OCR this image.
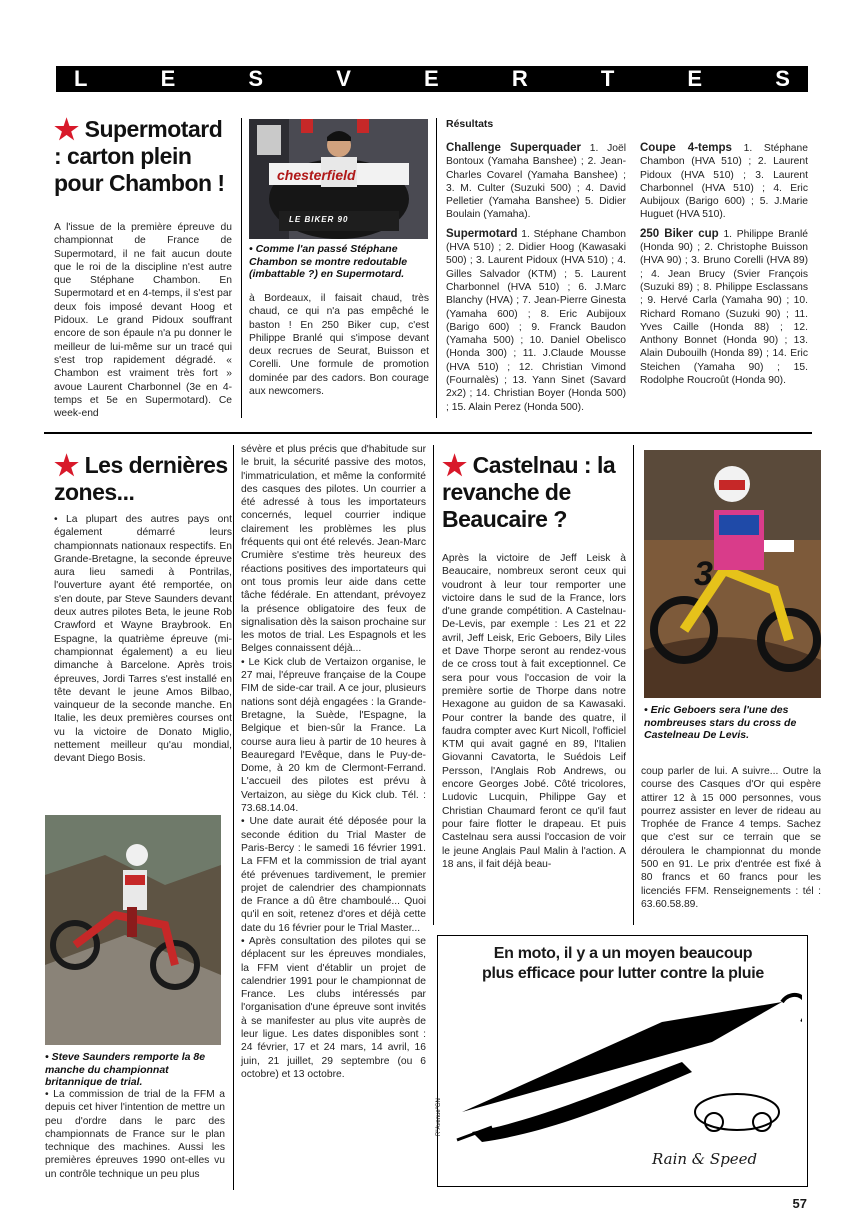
L	E	S	V	E	R	T	E	S
★ Supermotard : carton plein pour Chambon !
A l'issue de la première épreuve du championnat de France de Supermotard, il ne fait aucun doute que le roi de la discipline n'est autre que Stéphane Chambon. En Supermotard et en 4-temps, il s'est par deux fois imposé devant Hoog et Pidoux. Le grand Pidoux souffrant encore de son épaule n'a pu donner le meilleur de lui-même sur un tracé qui s'est trop rapidement dégradé. « Chambon est vraiment très fort » avoue Laurent Charbonnel (3e en 4-temps et 5e en Supermotard). Ce week-end
chesterfield
LE BIKER 90
• Comme l'an passé Stéphane Chambon se montre redoutable (imbattable ?) en Supermotard.
à Bordeaux, il faisait chaud, très chaud, ce qui n'a pas empêché le baston ! En 250 Biker cup, c'est Philippe Branlé qui s'impose devant deux recrues de Seurat, Buisson et Corelli. Une formule de promotion dominée par des cadors. Bon courage aux newcomers.
Résultats

Challenge Superquader 1. Joël Bontoux (Yamaha Banshee) ; 2. Jean-Charles Covarel (Yamaha Banshee) ; 3. M. Culter (Suzuki 500) ; 4. David Pelletier (Yamaha Banshee) 5. Didier Boulain (Yamaha).

Supermotard 1. Stéphane Chambon (HVA 510) ; 2. Didier Hoog (Kawasaki 500) ; 3. Laurent Pidoux (HVA 510) ; 4. Gilles Salvador (KTM) ; 5. Laurent Charbonnel (HVA 510) ; 6. J.Marc Blanchy (HVA) ; 7. Jean-Pierre Ginesta (Yamaha 600) ; 8. Eric Aubijoux (Barigo 600) ; 9. Franck Baudon (Yamaha 500) ; 10. Daniel Obelisco (Honda 300) ; 11. J.Claude Mousse (HVA 510) ; 12. Christian Vimond (Fournalès) ; 13. Yann Sinet (Savard 2x2) ; 14. Christian Boyer (Honda 500) ; 15. Alain Perez (Honda 500).

Coupe 4-temps 1. Stéphane Chambon (HVA 510) ; 2. Laurent Pidoux (HVA 510) ; 3. Laurent Charbonnel (HVA 510) ; 4. Eric Aubijoux (Barigo 600) ; 5. J.Marie Huguet (HVA 510).

250 Biker cup 1. Philippe Branlé (Honda 90) ; 2. Christophe Buisson (HVA 90) ; 3. Bruno Corelli (HVA 89) ; 4. Jean Brucy (Svier François (Suzuki 89) ; 8. Philippe Esclassans ; 9. Hervé Carla (Yamaha 90) ; 10. Richard Romano (Suzuki 90) ; 11. Yves Caille (Honda 88) ; 12. Anthony Bonnet (Honda 90) ; 13. Alain Dubouilh (Honda 89) ; 14. Eric Steichen (Yamaha 90) ; 15. Rodolphe Roucroût (Honda 90).

★ Les dernières zones...
• La plupart des autres pays ont également démarré leurs championnats nationaux respectifs. En Grande-Bretagne, la seconde épreuve aura lieu samedi à Pontrilas, l'ouverture ayant été remportée, on s'en doute, par Steve Saunders devant deux autres pilotes Beta, le jeune Rob Crawford et Wayne Braybrook. En Espagne, la quatrième épreuve (mi-championnat également) a eu lieu dimanche à Barcelone. Après trois épreuves, Jordi Tarres s'est installé en tête devant le jeune Amos Bilbao, vainqueur de la seconde manche. En Italie, les deux premières courses ont vu la victoire de Donato Miglio, nettement meilleur qu'au mondial, devant Diego Bosis.
• Steve Saunders remporte la 8e manche du championnat britannique de trial.
• La commission de trial de la FFM a depuis cet hiver l'intention de mettre un peu d'ordre dans le parc des championnats de France sur le plan technique des machines. Aussi les premières épreuves 1990 ont-elles vu un contrôle technique un peu plus

sévère et plus précis que d'habitude sur le bruit, la sécurité passive des motos, l'immatriculation, et même la conformité des casques des pilotes. Un courrier a été adressé à tous les importateurs concernés, lequel courrier indique clairement les problèmes les plus fréquents qui ont été relevés. Jean-Marc Crumière s'estime très heureux des réactions positives des importateurs qui ont tous promis leur aide dans cette tâche fédérale. En attendant, prévoyez la présence obligatoire des feux de signalisation dès la saison prochaine sur les motos de trial. Les Espagnols et les Belges connaissent déjà...

• Le Kick club de Vertaizon organise, le 27 mai, l'épreuve française de la Coupe FIM de side-car trail. A ce jour, plusieurs nations sont déjà engagées : la Grande-Bretagne, la Suède, l'Espagne, la Belgique et bien-sûr la France. La course aura lieu à partir de 10 heures à Beauregard l'Evêque, dans le Puy-de-Dome, à 20 km de Clermont-Ferrand. L'accueil des pilotes est prévu à Vertaizon, au siège du Kick club. Tél. : 73.68.14.04.

• Une date aurait été déposée pour la seconde édition du Trial Master de Paris-Bercy : le samedi 16 février 1991. La FFM et la commission de trial ayant été prévenues tardivement, le premier projet de calendrier des championnats de France a dû être chamboulé... Quoi qu'il en soit, retenez d'ores et déjà cette date du 16 février pour le Trial Master...

• Après consultation des pilotes qui se déplacent sur les épreuves mondiales, la FFM vient d'établir un projet de calendrier 1991 pour le championnat de France. Les clubs intéressés par l'organisation d'une épreuve sont invités à se manifester au plus vite auprès de leur ligue. Les dates disponibles sont : 24 février, 17 et 24 mars, 14 avril, 16 juin, 21 juillet, 29 septembre (ou 6 octobre) et 13 octobre.

★ Castelnau : la revanche de Beaucaire ?
Après la victoire de Jeff Leisk à Beaucaire, nombreux seront ceux qui voudront à leur tour remporter une victoire dans le sud de la France, lors d'une grande compétition. A Castelnau-De-Levis, par exemple : Les 21 et 22 avril, Jeff Leisk, Eric Geboers, Bily Liles et Dave Thorpe seront au rendez-vous de ce cross tout à fait exceptionnel. Ce sera pour vous l'occasion de voir la première sortie de Thorpe dans notre Hexagone au guidon de sa Kawasaki. Pour contrer la bande des quatre, il faudra compter avec Kurt Nicoll, l'officiel KTM qui avait gagné en 89, l'Italien Giovanni Cavatorta, le Suédois Leif Persson, l'Anglais Rob Andrews, ou encore Georges Jobé. Côté tricolores, Ludovic Lucquin, Philippe Gay et Christian Chaumard feront ce qu'il faut pour faire flotter le drapeau. Et puis Castelnau sera aussi l'occasion de voir le jeune Anglais Paul Malin à l'action. A 18 ans, il fait déjà beau-
3
• Eric Geboers sera l'une des nombreuses stars du cross de Castelneau De Levis.
coup parler de lui. A suivre... Outre la course des Casques d'Or qui espère attirer 12 à 15 000 personnes, vous pourrez assister en lever de rideau au Trophée de France 4 temps. Sachez que c'est sur ce terrain que se déroulera le championnat du monde 500 en 91. Le prix d'entrée est fixé à 80 francs et 60 francs pour les licenciés FFM. Renseignements : tél : 63.60.58.89.
En moto, il y a un moyen beaucoup plus efficace pour lutter contre la pluie
Rain & Speed
R"Avenue"GN
57
